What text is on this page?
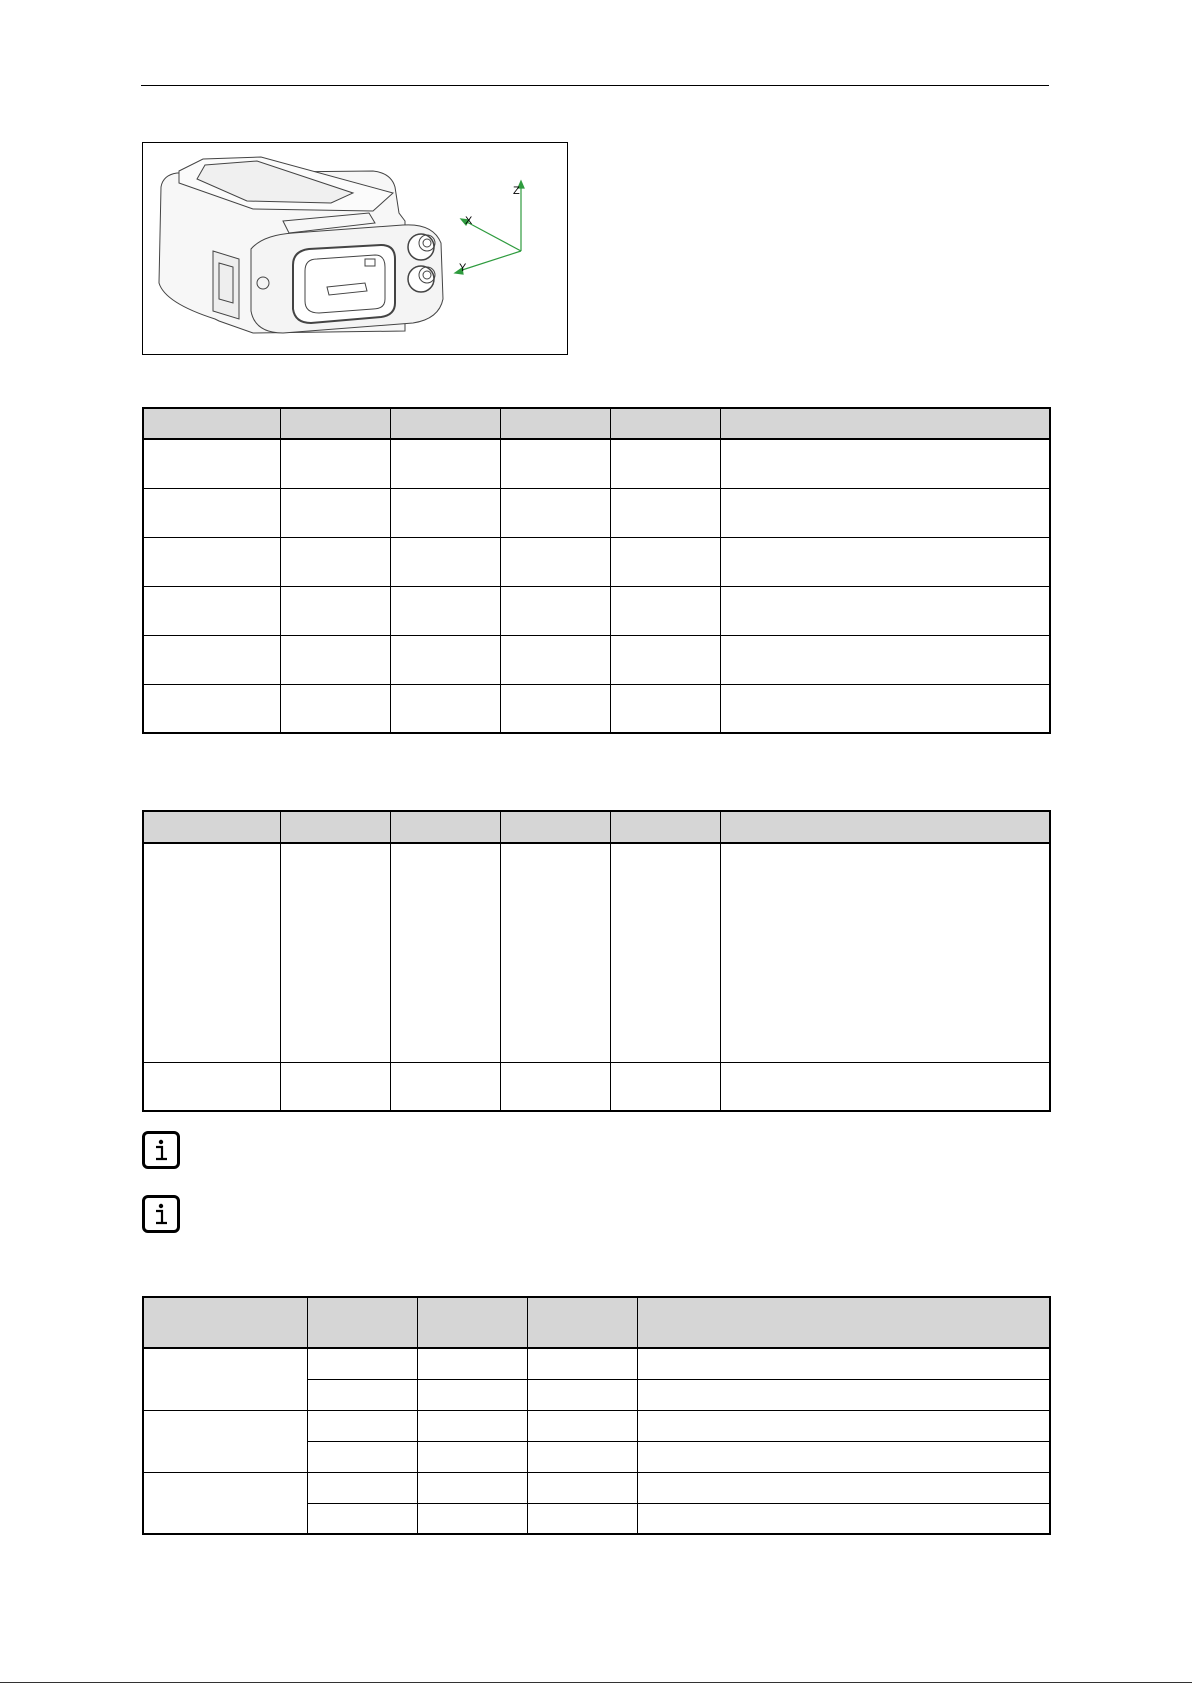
Z
X
Y
